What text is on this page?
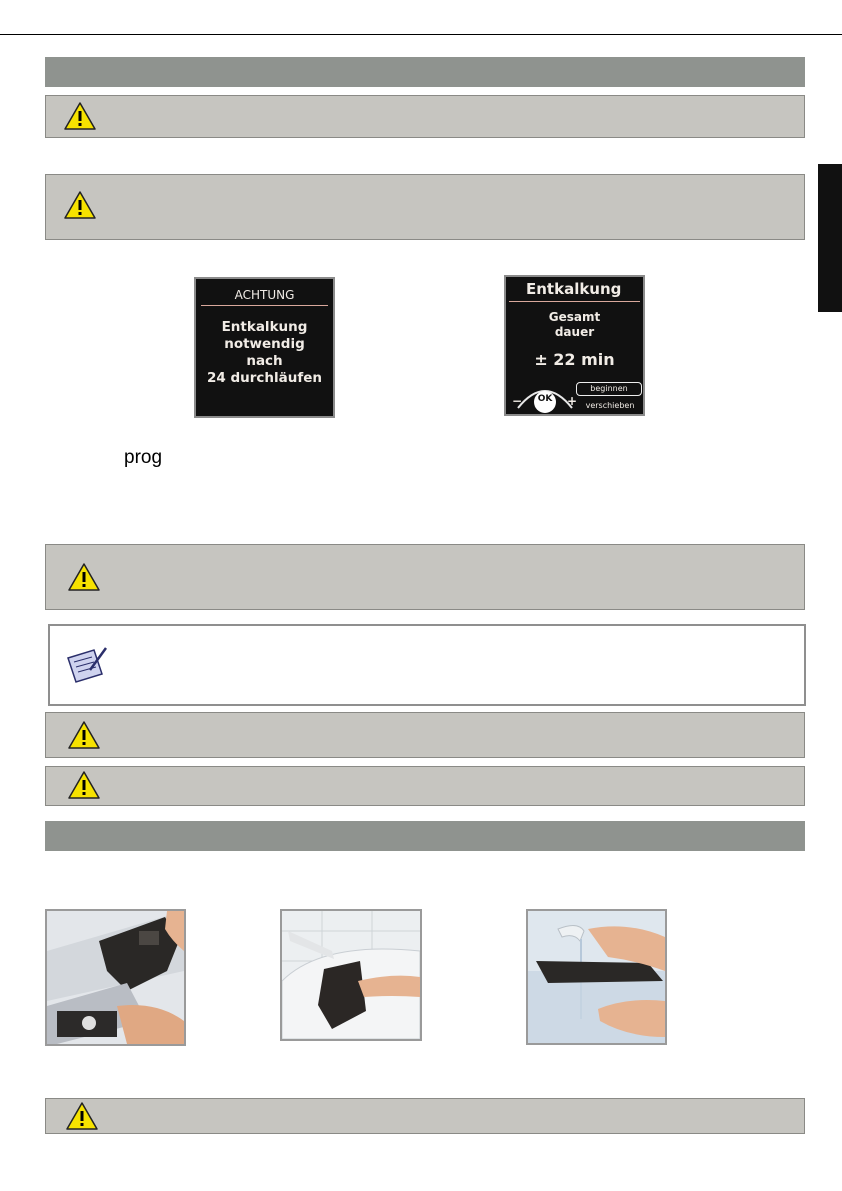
ACHTUNG
Entkalkung
notwendig
nach
24 durchläufen
Entkalkung
Gesamt
dauer
± 22 min
OK
−	+
beginnen
verschieben
prog
